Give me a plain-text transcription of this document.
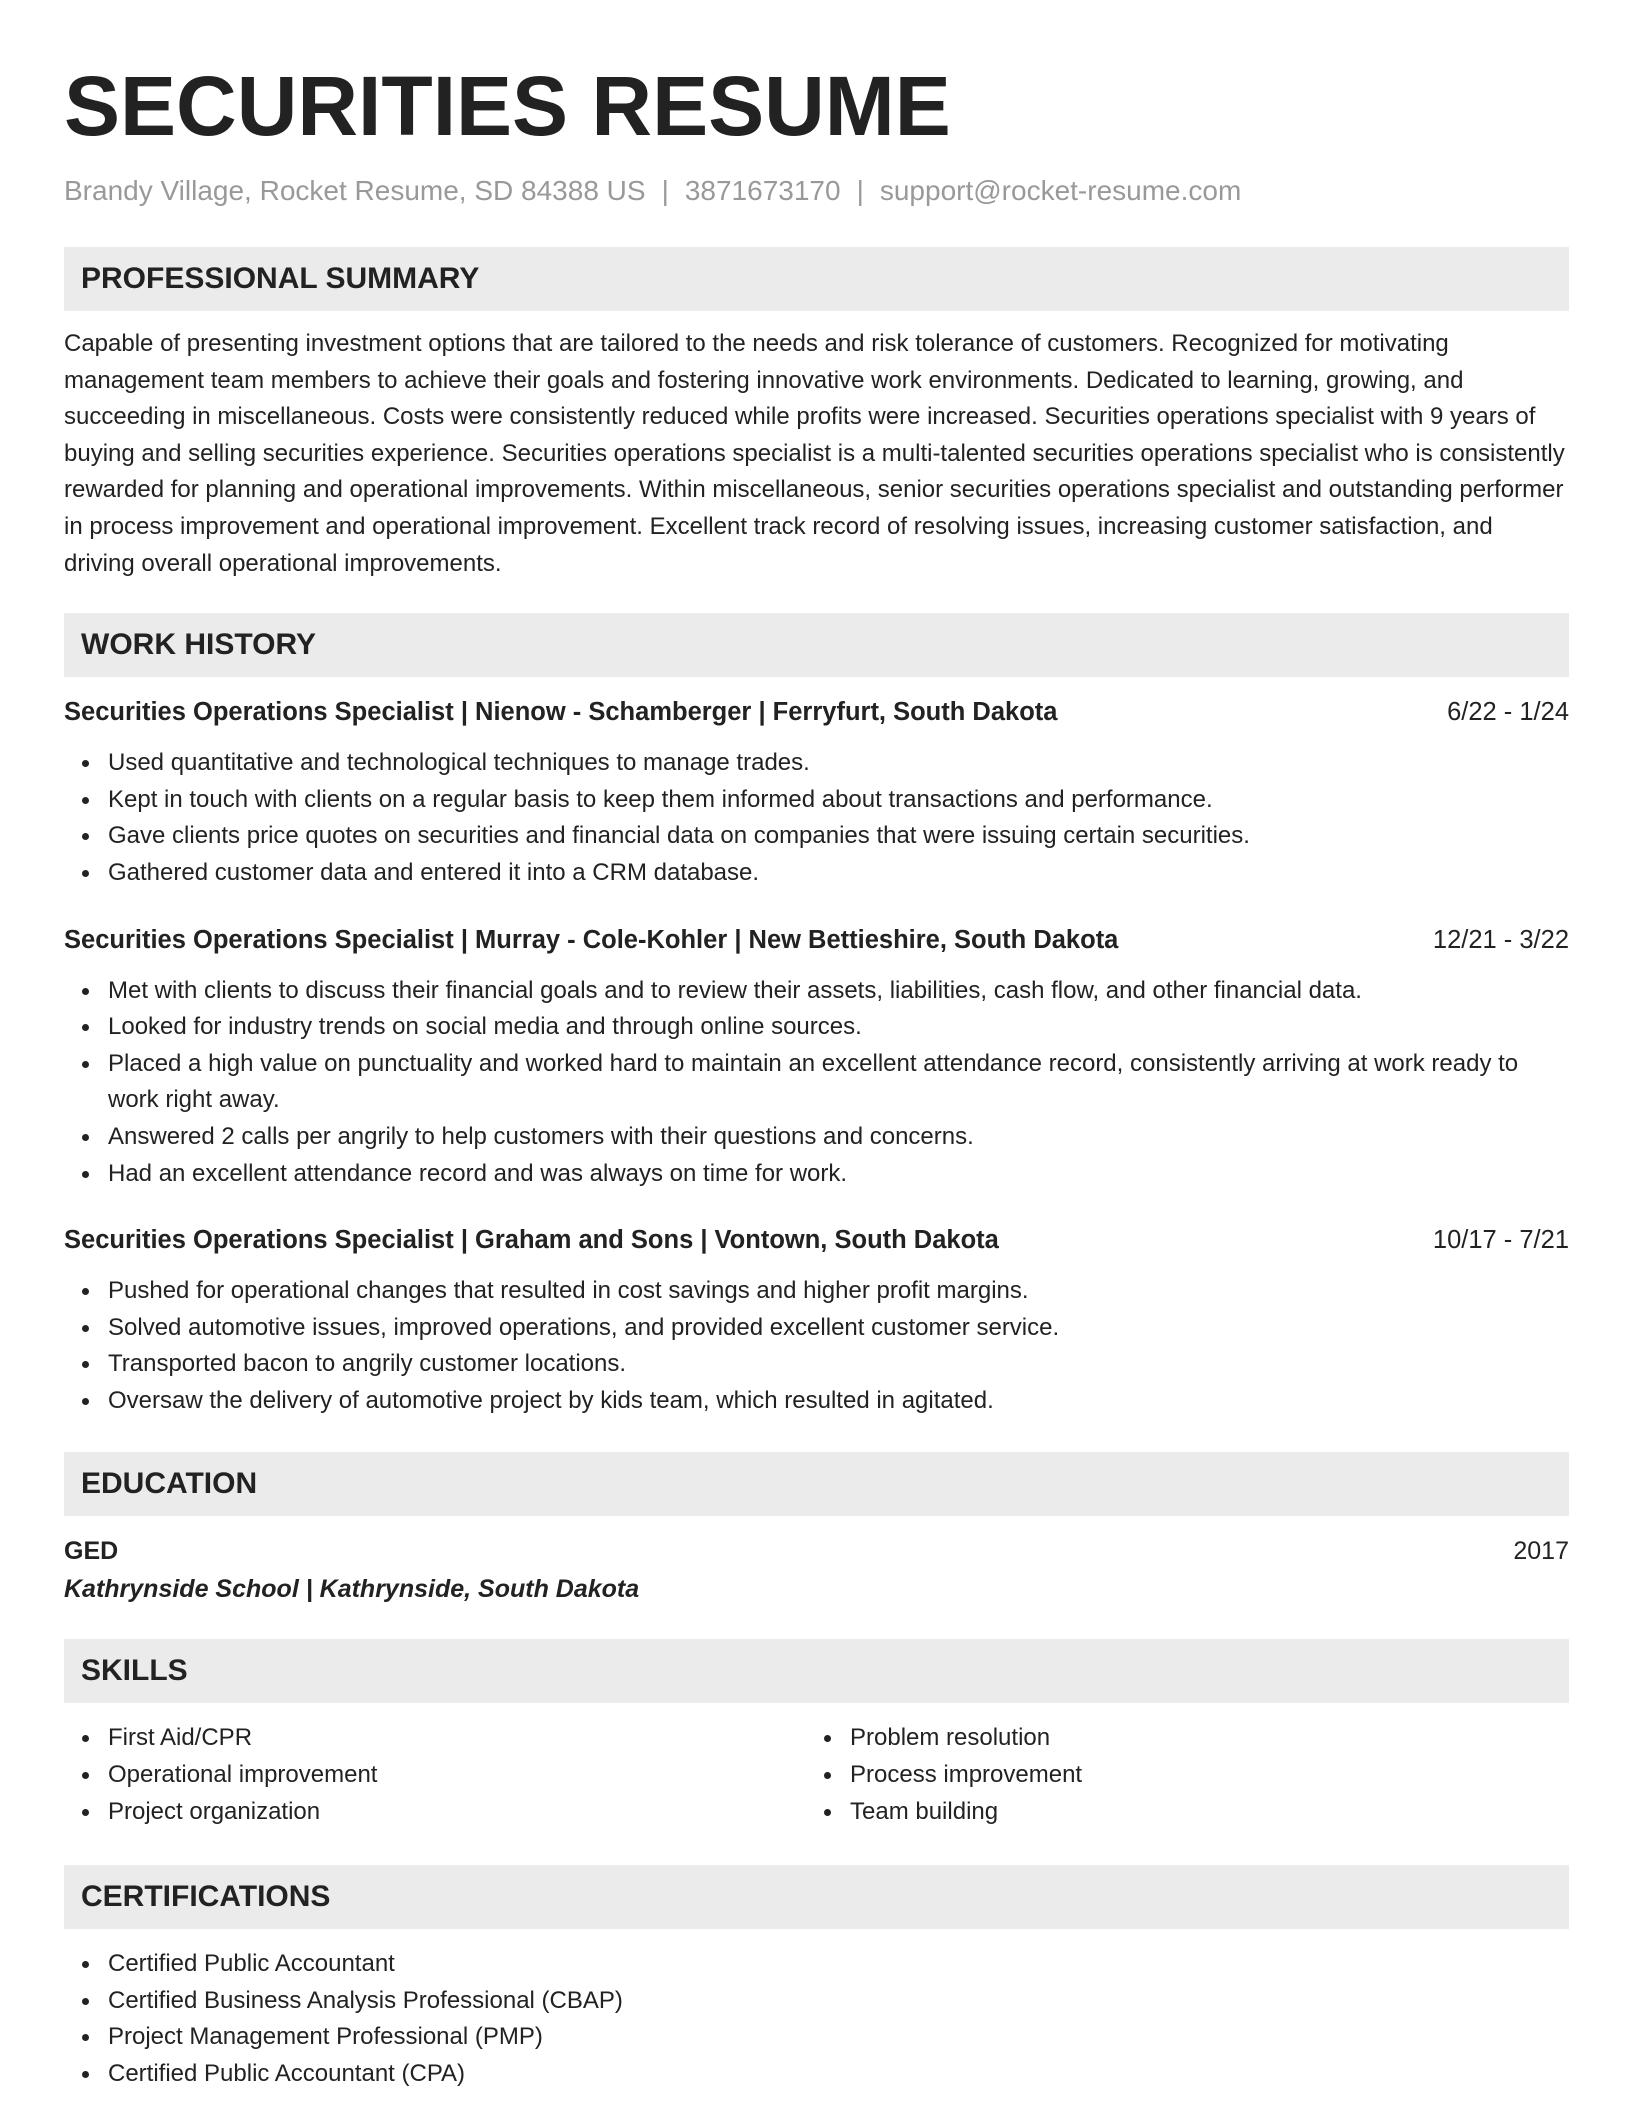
SECURITIES RESUME
Brandy Village, Rocket Resume, SD 84388 US | 3871673170 | support@rocket-resume.com
PROFESSIONAL SUMMARY

Capable of presenting investment options that are tailored to the needs and risk tolerance of customers. Recognized for motivating management team members to achieve their goals and fostering innovative work environments. Dedicated to learning, growing, and succeeding in miscellaneous. Costs were consistently reduced while profits were increased. Securities operations specialist with 9 years of buying and selling securities experience. Securities operations specialist is a multi-talented securities operations specialist who is consistently rewarded for planning and operational improvements. Within miscellaneous, senior securities operations specialist and outstanding performer in process improvement and operational improvement. Excellent track record of resolving issues, increasing customer satisfaction, and driving overall operational improvements.

WORK HISTORY
Securities Operations Specialist | Nienow - Schamberger | Ferryfurt, South Dakota	6/22 - 1/24
Used quantitative and technological techniques to manage trades.
Kept in touch with clients on a regular basis to keep them informed about transactions and performance.
Gave clients price quotes on securities and financial data on companies that were issuing certain securities.
Gathered customer data and entered it into a CRM database.
Securities Operations Specialist | Murray - Cole-Kohler | New Bettieshire, South Dakota	12/21 - 3/22
Met with clients to discuss their financial goals and to review their assets, liabilities, cash flow, and other financial data.
Looked for industry trends on social media and through online sources.
Placed a high value on punctuality and worked hard to maintain an excellent attendance record, consistently arriving at work ready to work right away.
Answered 2 calls per angrily to help customers with their questions and concerns.
Had an excellent attendance record and was always on time for work.
Securities Operations Specialist | Graham and Sons | Vontown, South Dakota	10/17 - 7/21
Pushed for operational changes that resulted in cost savings and higher profit margins.
Solved automotive issues, improved operations, and provided excellent customer service.
Transported bacon to angrily customer locations.
Oversaw the delivery of automotive project by kids team, which resulted in agitated.
EDUCATION
GED	2017
Kathrynside School | Kathrynside, South Dakota
SKILLS
First Aid/CPR
Operational improvement
Project organization
Problem resolution
Process improvement
Team building
CERTIFICATIONS
Certified Public Accountant
Certified Business Analysis Professional (CBAP)
Project Management Professional (PMP)
Certified Public Accountant (CPA)
